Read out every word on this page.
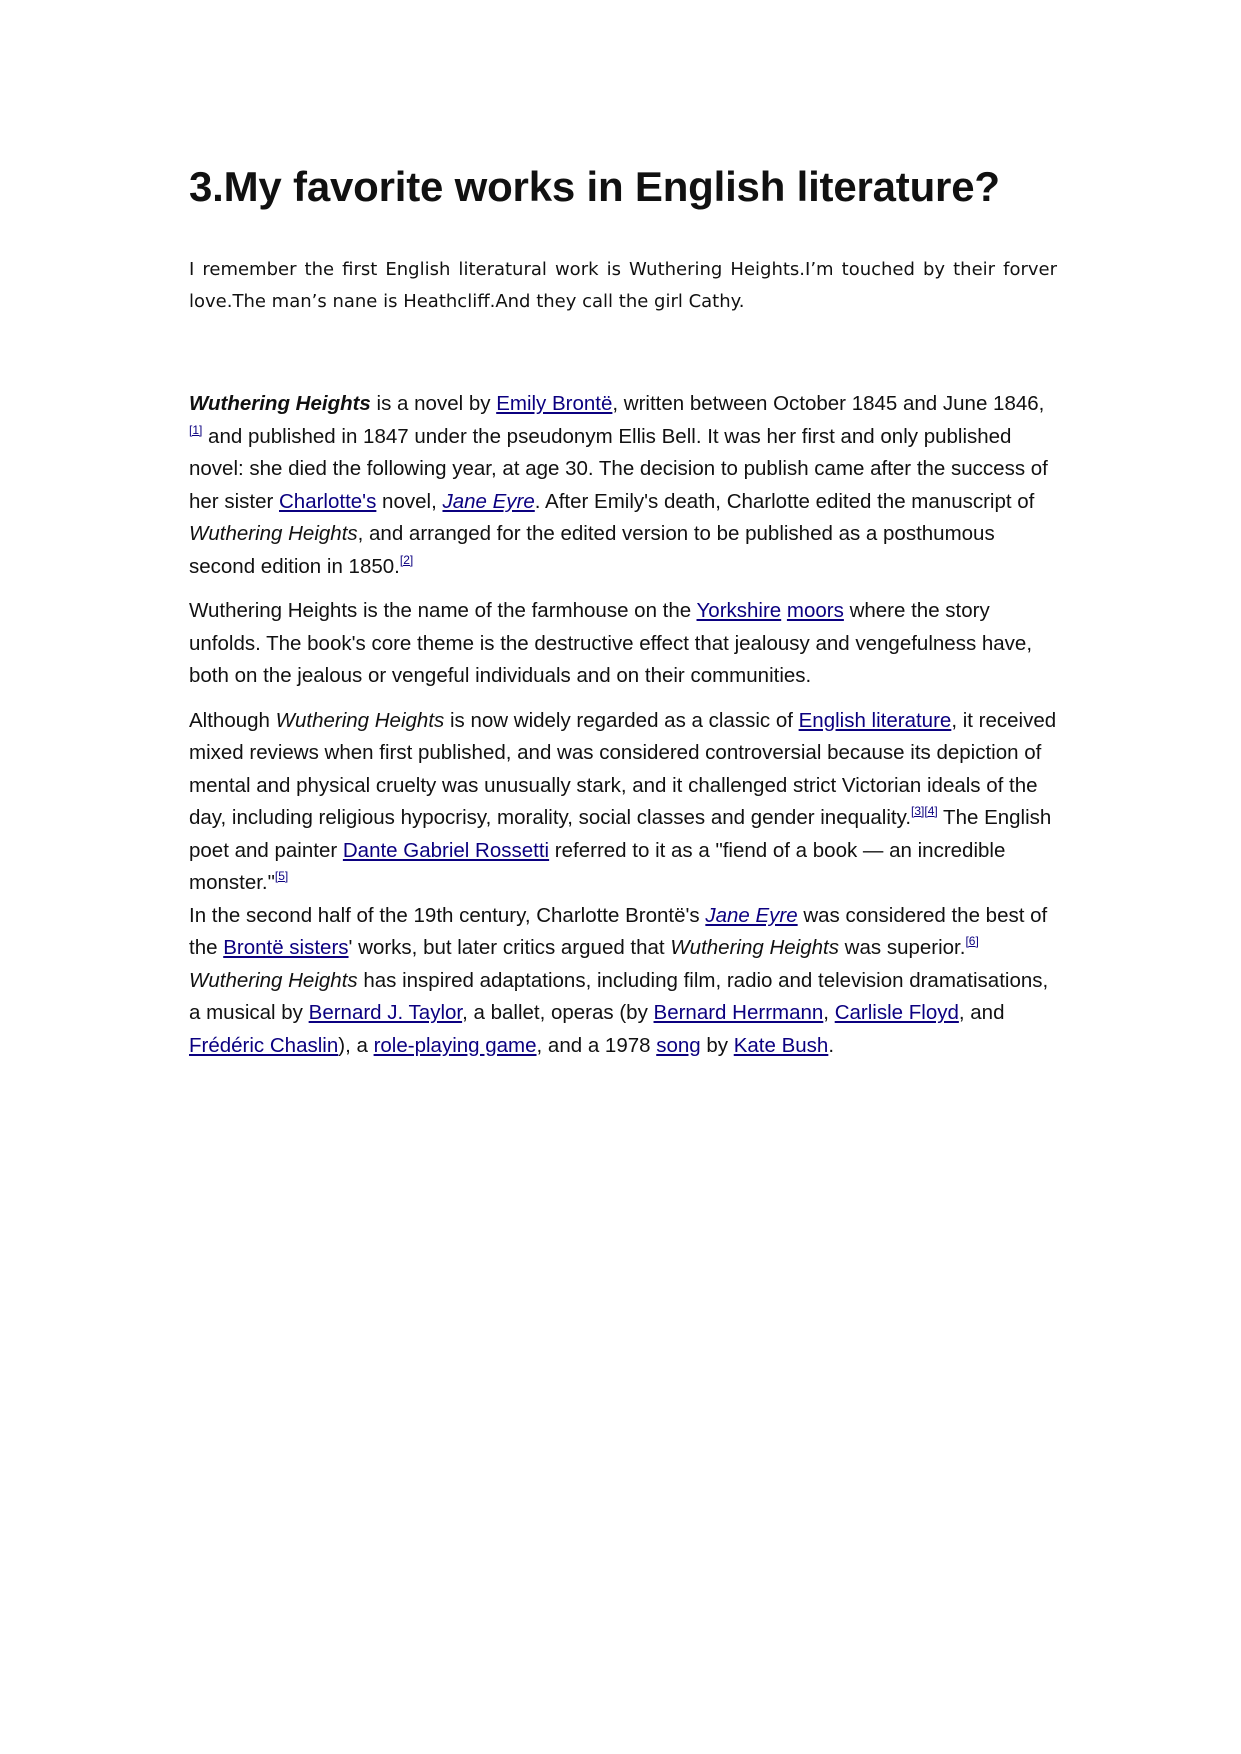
3.My favorite works in English literature?

I remember the first English literatural work is Wuthering Heights.I’m touched by their forver love.The man’s nane is Heathcliff.And they call the girl Cathy.

Wuthering Heights is a novel by Emily Brontë, written between October 1845 and June 1846,[1] and published in 1847 under the pseudonym Ellis Bell. It was her first and only published novel: she died the following year, at age 30. The decision to publish came after the success of her sister Charlotte's novel, Jane Eyre. After Emily's death, Charlotte edited the manuscript of Wuthering Heights, and arranged for the edited version to be published as a posthumous second edition in 1850.[2]

Wuthering Heights is the name of the farmhouse on the Yorkshire moors where the story unfolds. The book's core theme is the destructive effect that jealousy and vengefulness have, both on the jealous or vengeful individuals and on their communities.

Although Wuthering Heights is now widely regarded as a classic of English literature, it received mixed reviews when first published, and was considered controversial because its depiction of mental and physical cruelty was unusually stark, and it challenged strict Victorian ideals of the day, including religious hypocrisy, morality, social classes and gender inequality.[3][4] The English poet and painter Dante Gabriel Rossetti referred to it as a "fiend of a book — an incredible monster."[5]

In the second half of the 19th century, Charlotte Brontë's Jane Eyre was considered the best of the Brontë sisters' works, but later critics argued that Wuthering Heights was superior.[6] Wuthering Heights has inspired adaptations, including film, radio and television dramatisations, a musical by Bernard J. Taylor, a ballet, operas (by Bernard Herrmann, Carlisle Floyd, and Frédéric Chaslin), a role-playing game, and a 1978 song by Kate Bush.
